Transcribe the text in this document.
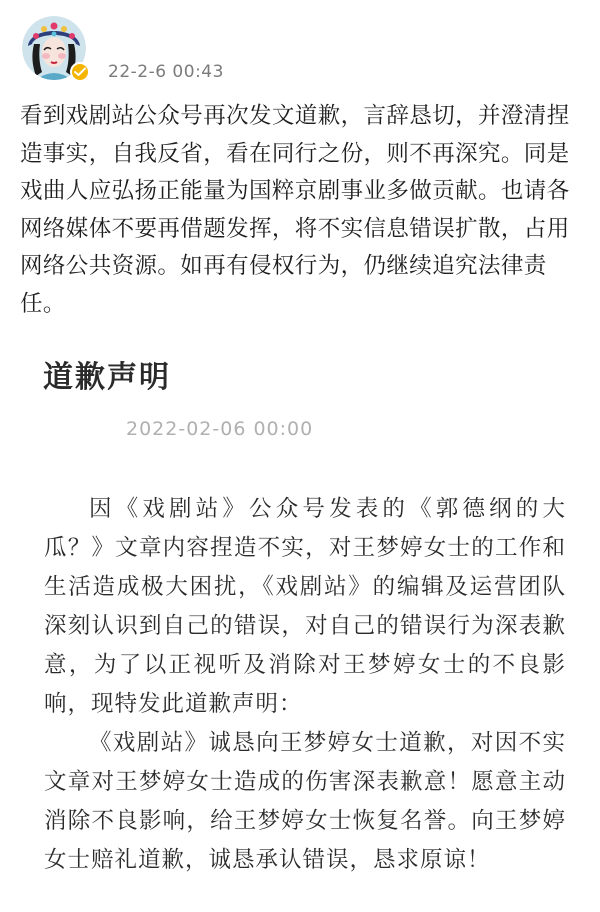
22-2-6 00:43

看到戏剧站公众号再次发文道歉，言辞恳切，并澄清捏造事实，自我反省，看在同行之份，则不再深究。同是戏曲人应弘扬正能量为国粹京剧事业多做贡献。也请各网络媒体不要再借题发挥，将不实信息错误扩散，占用网络公共资源。如再有侵权行为，仍继续追究法律责任。

道歉声明
2022-02-06 00:00

因《戏剧站》公众号发表的《郭德纲的大瓜？》文章内容捏造不实，对王梦婷女士的工作和生活造成极大困扰，《戏剧站》的编辑及运营团队深刻认识到自己的错误，对自己的错误行为深表歉意，为了以正视听及消除对王梦婷女士的不良影响，现特发此道歉声明：

《戏剧站》诚恳向王梦婷女士道歉，对因不实文章对王梦婷女士造成的伤害深表歉意！愿意主动消除不良影响，给王梦婷女士恢复名誉。向王梦婷女士赔礼道歉，诚恳承认错误，恳求原谅！
